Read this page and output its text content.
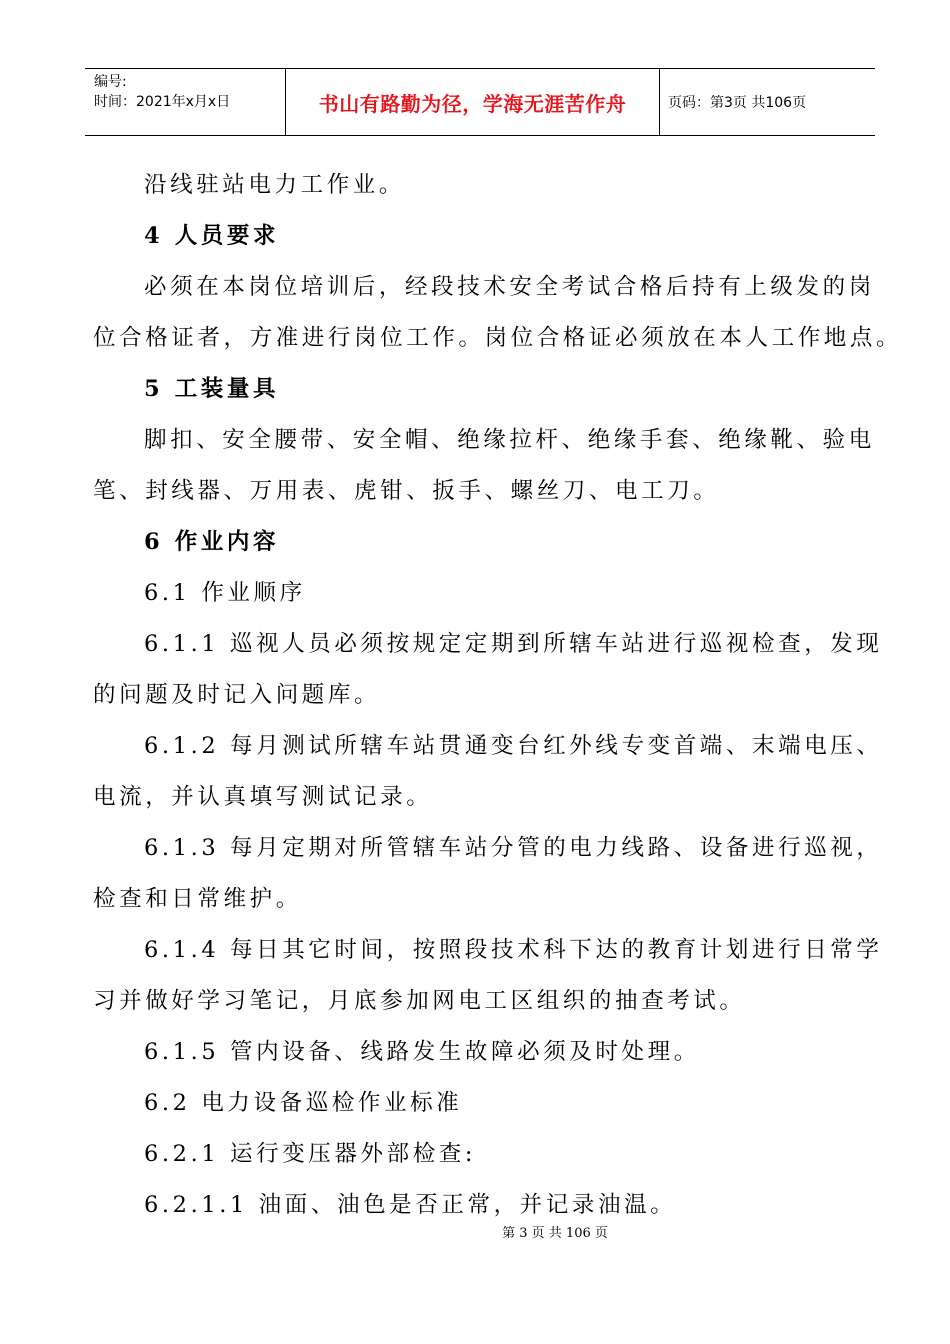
编号:
时间：2021年x月x日	书山有路勤为径，学海无涯苦作舟	页码：第3页 共106页
沿线驻站电力工作业。
4 人员要求
必须在本岗位培训后，经段技术安全考试合格后持有上级发的岗
位合格证者，方准进行岗位工作。岗位合格证必须放在本人工作地点。
5 工装量具
脚扣、安全腰带、安全帽、绝缘拉杆、绝缘手套、绝缘靴、验电
笔、封线器、万用表、虎钳、扳手、螺丝刀、电工刀。
6 作业内容
6.1 作业顺序
6.1.1 巡视人员必须按规定定期到所辖车站进行巡视检查，发现
的问题及时记入问题库。
6.1.2 每月测试所辖车站贯通变台红外线专变首端、末端电压、
电流，并认真填写测试记录。
6.1.3 每月定期对所管辖车站分管的电力线路、设备进行巡视，
检查和日常维护。
6.1.4 每日其它时间，按照段技术科下达的教育计划进行日常学
习并做好学习笔记，月底参加网电工区组织的抽查考试。
6.1.5 管内设备、线路发生故障必须及时处理。
6.2 电力设备巡检作业标准
6.2.1 运行变压器外部检查:
6.2.1.1 油面、油色是否正常，并记录油温。
第 3 页 共 106 页
